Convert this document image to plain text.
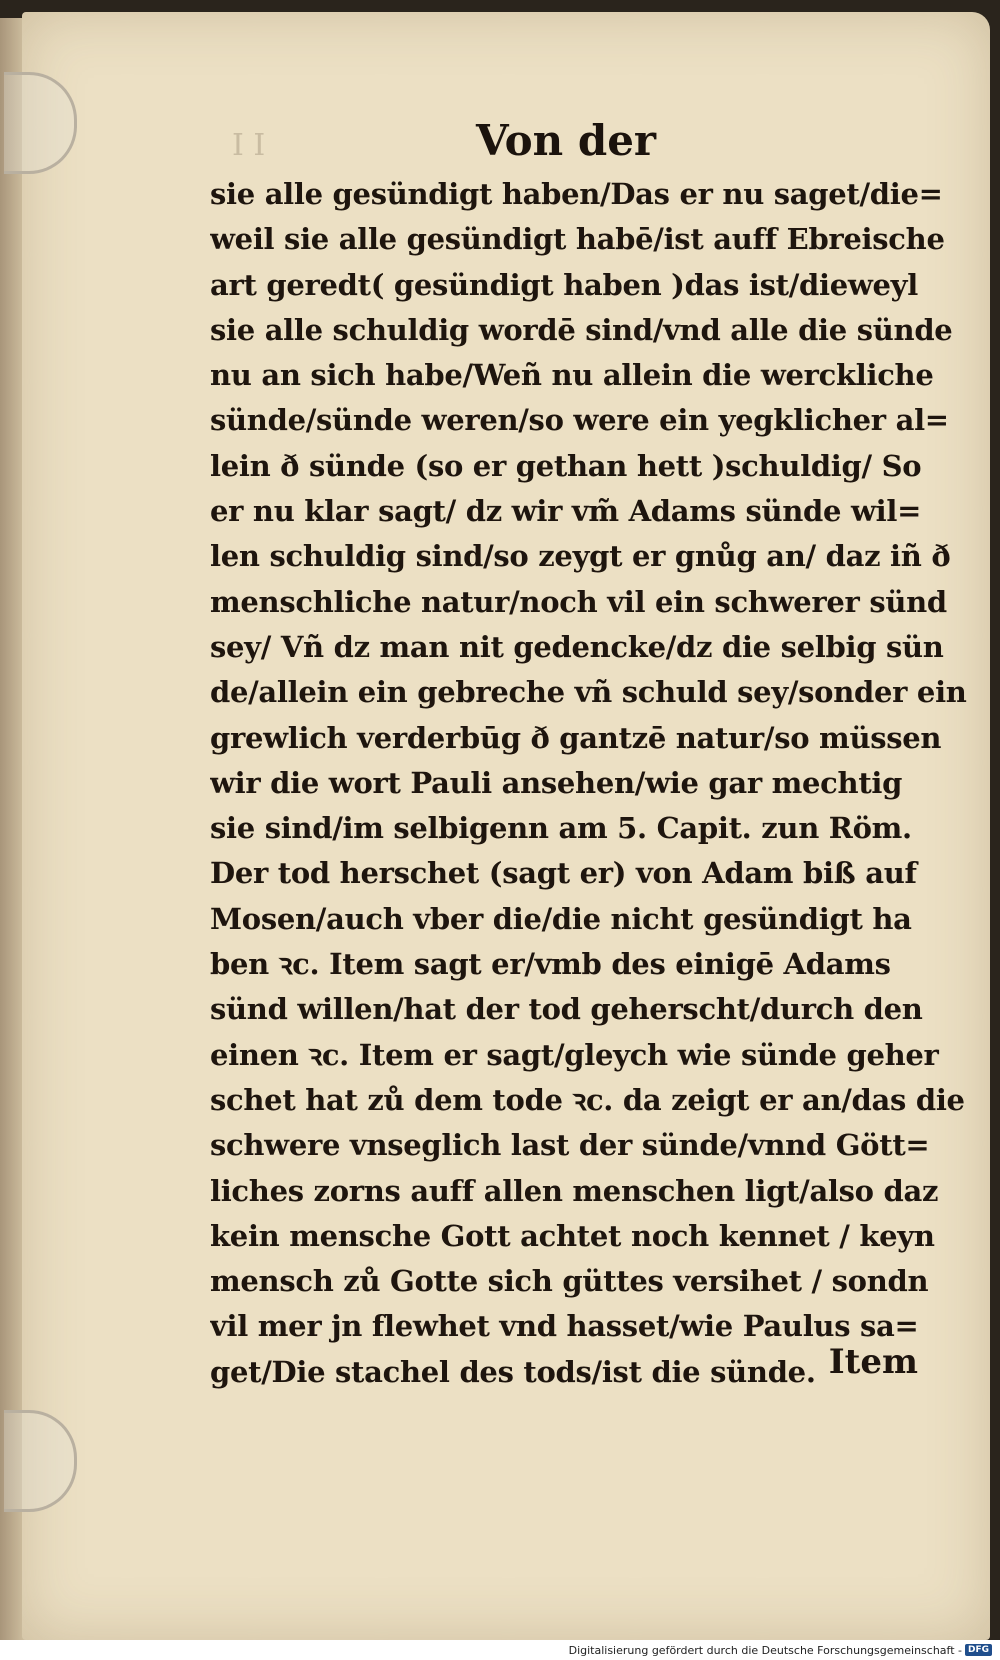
I I	Von der
sie alle gesündigt haben/Das er nu saget/die=
weil sie alle gesündigt habē/ist auff Ebreische
art geredt( gesündigt haben )das ist/dieweyl
sie alle schuldig wordē sind/vnd alle die sünde
nu an sich habe/Weñ nu allein die werckliche
sünde/sünde weren/so were ein yegklicher al=
lein ð sünde (so er gethan hett )schuldig/ So
er nu klar sagt/ dz wir vm̃ Adams sünde wil=
len schuldig sind/so zeygt er gnůg an/ daz iñ ð
menschliche natur/noch vil ein schwerer sünd
sey/ Vñ dz man nit gedencke/dz die selbig sün
de/allein ein gebreche vñ schuld sey/sonder ein
grewlich verderbūg ð gantzē natur/so müssen
wir die wort Pauli ansehen/wie gar mechtig
sie sind/im selbigenn am 5. Capit. zun Röm.
Der tod herschet (sagt er) von Adam biß auf
Mosen/auch vber die/die nicht gesündigt ha
ben ꝛc. Item sagt er/vmb des einigē Adams
sünd willen/hat der tod geherscht/durch den
einen ꝛc. Item er sagt/gleych wie sünde geher
schet hat zů dem tode ꝛc. da zeigt er an/das die
schwere vnseglich last der sünde/vnnd Gött=
liches zorns auff allen menschen ligt/also daz
kein mensche Gott achtet noch kennet / keyn
mensch zů Gotte sich güttes versihet / sondn
vil mer jn flewhet vnd hasset/wie Paulus sa=
get/Die stachel des tods/ist die sünde. Item
Digitalisierung gefördert durch die Deutsche Forschungsgemeinschaft - DFG
